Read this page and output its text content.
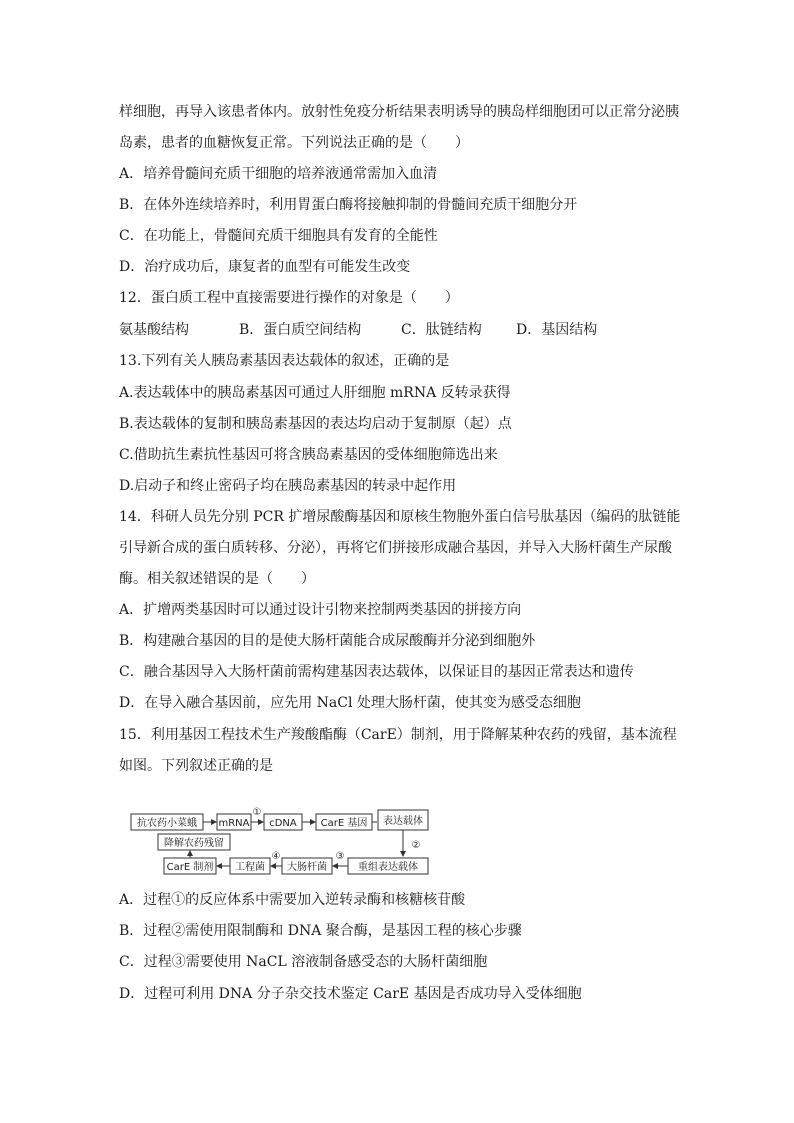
样细胞，再导入该患者体内。放射性免疫分析结果表明诱导的胰岛样细胞团可以正常分泌胰
岛素，患者的血糖恢复正常。下列说法正确的是（　　）
A．培养骨髓间充质干细胞的培养液通常需加入血清
B．在体外连续培养时，利用胃蛋白酶将接触抑制的骨髓间充质干细胞分开
C．在功能上，骨髓间充质干细胞具有发育的全能性
D．治疗成功后，康复者的血型有可能发生改变
12．蛋白质工程中直接需要进行操作的对象是（　　）
氨基酸结构	B．蛋白质空间结构	C．肽链结构 D．基因结构
13.下列有关人胰岛素基因表达载体的叙述，正确的是
A.表达载体中的胰岛素基因可通过人肝细胞 mRNA 反转录获得
B.表达载体的复制和胰岛素基因的表达均启动于复制原（起）点
C.借助抗生素抗性基因可将含胰岛素基因的受体细胞筛选出来
D.启动子和终止密码子均在胰岛素基因的转录中起作用
14．科研人员先分别 PCR 扩增尿酸酶基因和原核生物胞外蛋白信号肽基因（编码的肽链能
引导新合成的蛋白质转移、分泌），再将它们拼接形成融合基因，并导入大肠杆菌生产尿酸
酶。相关叙述错误的是（　　）
A．扩增两类基因时可以通过设计引物来控制两类基因的拼接方向
B．构建融合基因的目的是使大肠杆菌能合成尿酸酶并分泌到细胞外
C．融合基因导入大肠杆菌前需构建基因表达载体，以保证目的基因正常表达和遗传
D．在导入融合基因前，应先用 NaCl 处理大肠杆菌，使其变为感受态细胞
15．利用基因工程技术生产羧酸酯酶（CarE）制剂，用于降解某种农药的残留，基本流程
如图。下列叙述正确的是
抗农药小菜蛾 mRNA cDNA CarE 基因 表达载体
①
②
降解农药残留
CarE 制剂 工程菌 大肠杆菌	重组表达载体
③
④
A．过程①的反应体系中需要加入逆转录酶和核糖核苷酸
B．过程②需使用限制酶和 DNA 聚合酶，是基因工程的核心步骤
C．过程③需要使用 NaCL 溶液制备感受态的大肠杆菌细胞
D．过程可利用 DNA 分子杂交技术鉴定 CarE 基因是否成功导入受体细胞
